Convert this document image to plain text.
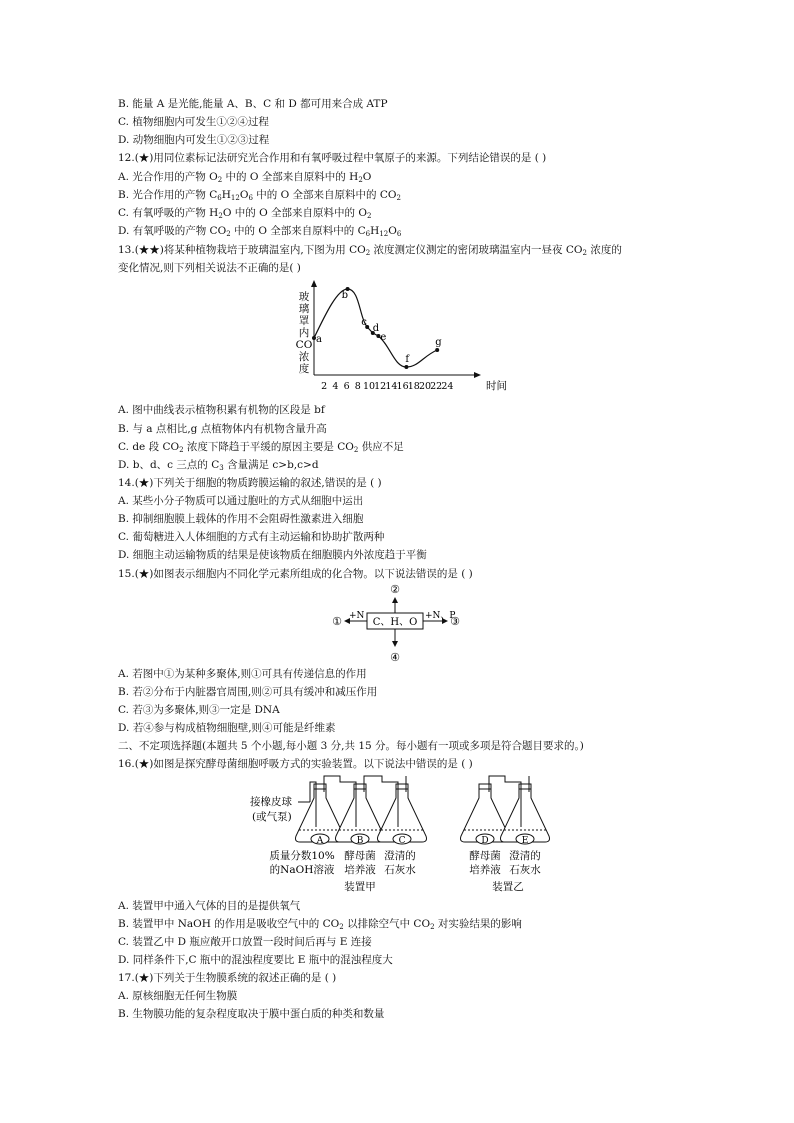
B. 能量 A 是光能,能量 A、B、C 和 D 都可用来合成 ATP
C. 植物细胞内可发生①②④过程
D. 动物细胞内可发生①②③过程
12.(★)用同位素标记法研究光合作用和有氧呼吸过程中氧原子的来源。下列结论错误的是 ( )
A. 光合作用的产物 $O_2$ 中的 O 全部来自原料中的 $H_2O$
B. 光合作用的产物 $C_6H_{12}O_6$ 中的 O 全部来自原料中的 $CO_2$
C. 有氧呼吸的产物 $H_2O$ 中的 O 全部来自原料中的 $O_2$
D. 有氧呼吸的产物 $CO_2$ 中的 O 全部来自原料中的 $C_6H_{12}O_6$
13.(★★)将某种植物栽培于玻璃温室内,下图为用 $CO_2$ 浓度测定仪测定的密闭玻璃温室内一昼夜 $CO_2$ 浓度的
变化情况,则下列相关说法不正确的是( )
玻
璃
罩
内
CO
浓
度
2 4 6 8 10 12 14 16 18 20 22 24	时间
a
b
c
d
e
f
g
A. 图中曲线表示植物积累有机物的区段是 bf
B. 与 a 点相比,g 点植物体内有机物含量升高
C. de 段 $CO_2$ 浓度下降趋于平缓的原因主要是 $CO_2$ 供应不足
D. b、d、c 三点的 $C_3$ 含量满足 c>b,c>d
14.(★)下列关于细胞的物质跨膜运输的叙述,错误的是 ( )
A. 某些小分子物质可以通过胞吐的方式从细胞中运出
B. 抑制细胞膜上载体的作用不会阻碍性激素进入细胞
C. 葡萄糖进入人体细胞的方式有主动运输和协助扩散两种
D. 细胞主动运输物质的结果是使该物质在细胞膜内外浓度趋于平衡
15.(★)如图表示细胞内不同化学元素所组成的化合物。以下说法错误的是 ( )
②
C、H、O
+N
①	+N、P
③
④
A. 若图中①为某种多聚体,则①可具有传递信息的作用
B. 若②分布于内脏器官周围,则②可具有缓冲和减压作用
C. 若③为多聚体,则③一定是 DNA
D. 若④参与构成植物细胞壁,则④可能是纤维素
二、不定项选择题(本题共 5 个小题,每小题 3 分,共 15 分。每小题有一项或多项是符合题目要求的。)
16.(★)如图是探究酵母菌细胞呼吸方式的实验装置。以下说法中错误的是 ( )
接橡皮球
(或气泵)
A	B	C	D	E
质量分数10%
的NaOH溶液
酵母菌
培养液
澄清的
石灰水
酵母菌
培养液
澄清的
石灰水
装置甲	装置乙
A. 装置甲中通入气体的目的是提供氧气
B. 装置甲中 NaOH 的作用是吸收空气中的 $CO_2$ 以排除空气中 $CO_2$ 对实验结果的影响
C. 装置乙中 D 瓶应敞开口放置一段时间后再与 E 连接
D. 同样条件下,C 瓶中的混浊程度要比 E 瓶中的混浊程度大
17.(★)下列关于生物膜系统的叙述正确的是 ( )
A. 原核细胞无任何生物膜
B. 生物膜功能的复杂程度取决于膜中蛋白质的种类和数量
